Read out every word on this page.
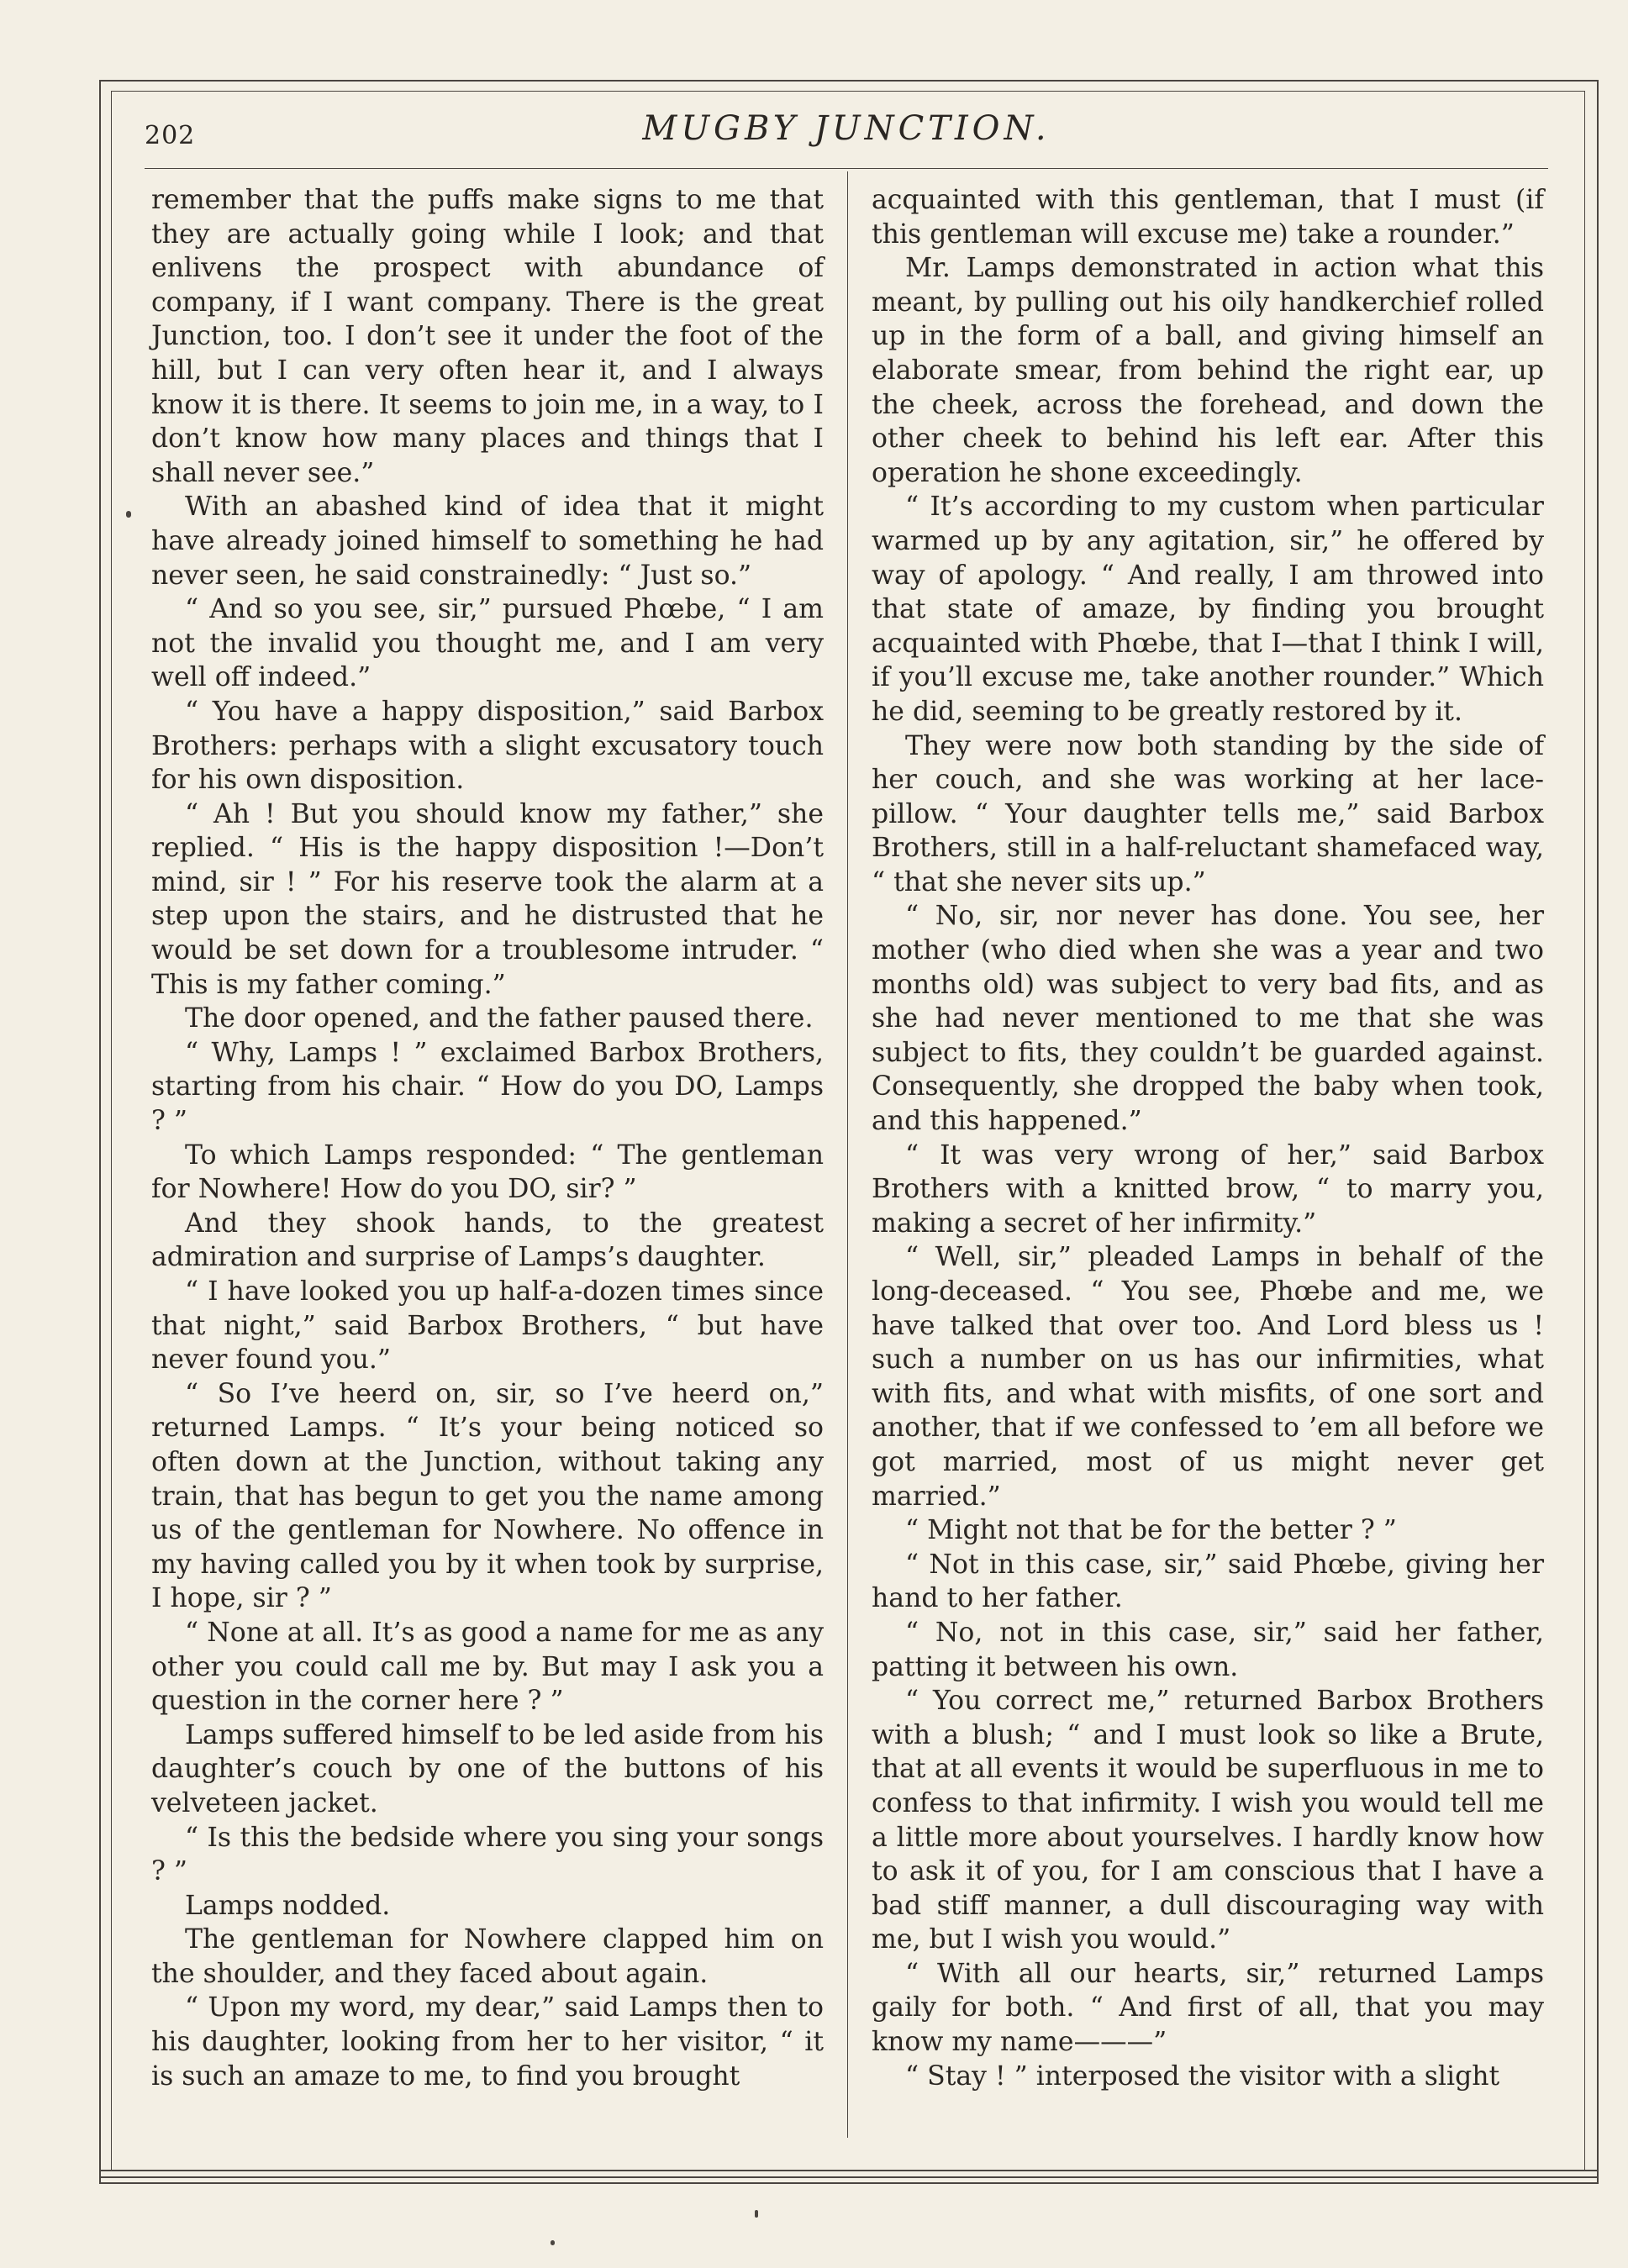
202	MUGBY JUNCTION.

remember that the puffs make signs to me that they are actually going while I look; and that enlivens the prospect with abundance of company, if I want company. There is the great Junction, too. I don’t see it under the foot of the hill, but I can very often hear it, and I always know it is there. It seems to join me, in a way, to I don’t know how many places and things that I shall never see.”

With an abashed kind of idea that it might have already joined himself to something he had never seen, he said constrainedly: “ Just so.”

“ And so you see, sir,” pursued Phœbe, “ I am not the invalid you thought me, and I am very well off indeed.”

“ You have a happy disposition,” said Barbox Brothers: perhaps with a slight excusatory touch for his own disposition.

“ Ah ! But you should know my father,” she replied. “ His is the happy disposition !—Don’t mind, sir ! ” For his reserve took the alarm at a step upon the stairs, and he distrusted that he would be set down for a troublesome intruder. “ This is my father coming.”

The door opened, and the father paused there.

“ Why, Lamps ! ” exclaimed Barbox Brothers, starting from his chair. “ How do you DO, Lamps ? ”

To which Lamps responded: “ The gentleman for Nowhere! How do you DO, sir? ”

And they shook hands, to the greatest admiration and surprise of Lamps’s daughter.

“ I have looked you up half-a-dozen times since that night,” said Barbox Brothers, “ but have never found you.”

“ So I’ve heerd on, sir, so I’ve heerd on,” returned Lamps. “ It’s your being noticed so often down at the Junction, without taking any train, that has begun to get you the name among us of the gentleman for Nowhere. No offence in my having called you by it when took by surprise, I hope, sir ? ”

“ None at all. It’s as good a name for me as any other you could call me by. But may I ask you a question in the corner here ? ”

Lamps suffered himself to be led aside from his daughter’s couch by one of the buttons of his velveteen jacket.

“ Is this the bedside where you sing your songs ? ”

Lamps nodded.

The gentleman for Nowhere clapped him on the shoulder, and they faced about again.

“ Upon my word, my dear,” said Lamps then to his daughter, looking from her to her visitor, “ it is such an amaze to me, to find you brought

acquainted with this gentleman, that I must (if this gentleman will excuse me) take a rounder.”

Mr. Lamps demonstrated in action what this meant, by pulling out his oily handkerchief rolled up in the form of a ball, and giving himself an elaborate smear, from behind the right ear, up the cheek, across the forehead, and down the other cheek to behind his left ear. After this operation he shone exceedingly.

“ It’s according to my custom when particular warmed up by any agitation, sir,” he offered by way of apology. “ And really, I am throwed into that state of amaze, by finding you brought acquainted with Phœbe, that I—that I think I will, if you’ll excuse me, take another rounder.” Which he did, seeming to be greatly restored by it.

They were now both standing by the side of her couch, and she was working at her lace-pillow. “ Your daughter tells me,” said Barbox Brothers, still in a half-reluctant shamefaced way, “ that she never sits up.”

“ No, sir, nor never has done. You see, her mother (who died when she was a year and two months old) was subject to very bad fits, and as she had never mentioned to me that she was subject to fits, they couldn’t be guarded against. Consequently, she dropped the baby when took, and this happened.”

“ It was very wrong of her,” said Barbox Brothers with a knitted brow, “ to marry you, making a secret of her infirmity.”

“ Well, sir,” pleaded Lamps in behalf of the long-deceased. “ You see, Phœbe and me, we have talked that over too. And Lord bless us ! such a number on us has our infirmities, what with fits, and what with misfits, of one sort and another, that if we confessed to ’em all before we got married, most of us might never get married.”

“ Might not that be for the better ? ”

“ Not in this case, sir,” said Phœbe, giving her hand to her father.

“ No, not in this case, sir,” said her father, patting it between his own.

“ You correct me,” returned Barbox Brothers with a blush; “ and I must look so like a Brute, that at all events it would be superfluous in me to confess to that infirmity. I wish you would tell me a little more about yourselves. I hardly know how to ask it of you, for I am conscious that I have a bad stiff manner, a dull discouraging way with me, but I wish you would.”

“ With all our hearts, sir,” returned Lamps gaily for both. “ And first of all, that you may know my name———”

“ Stay ! ” interposed the visitor with a slight
